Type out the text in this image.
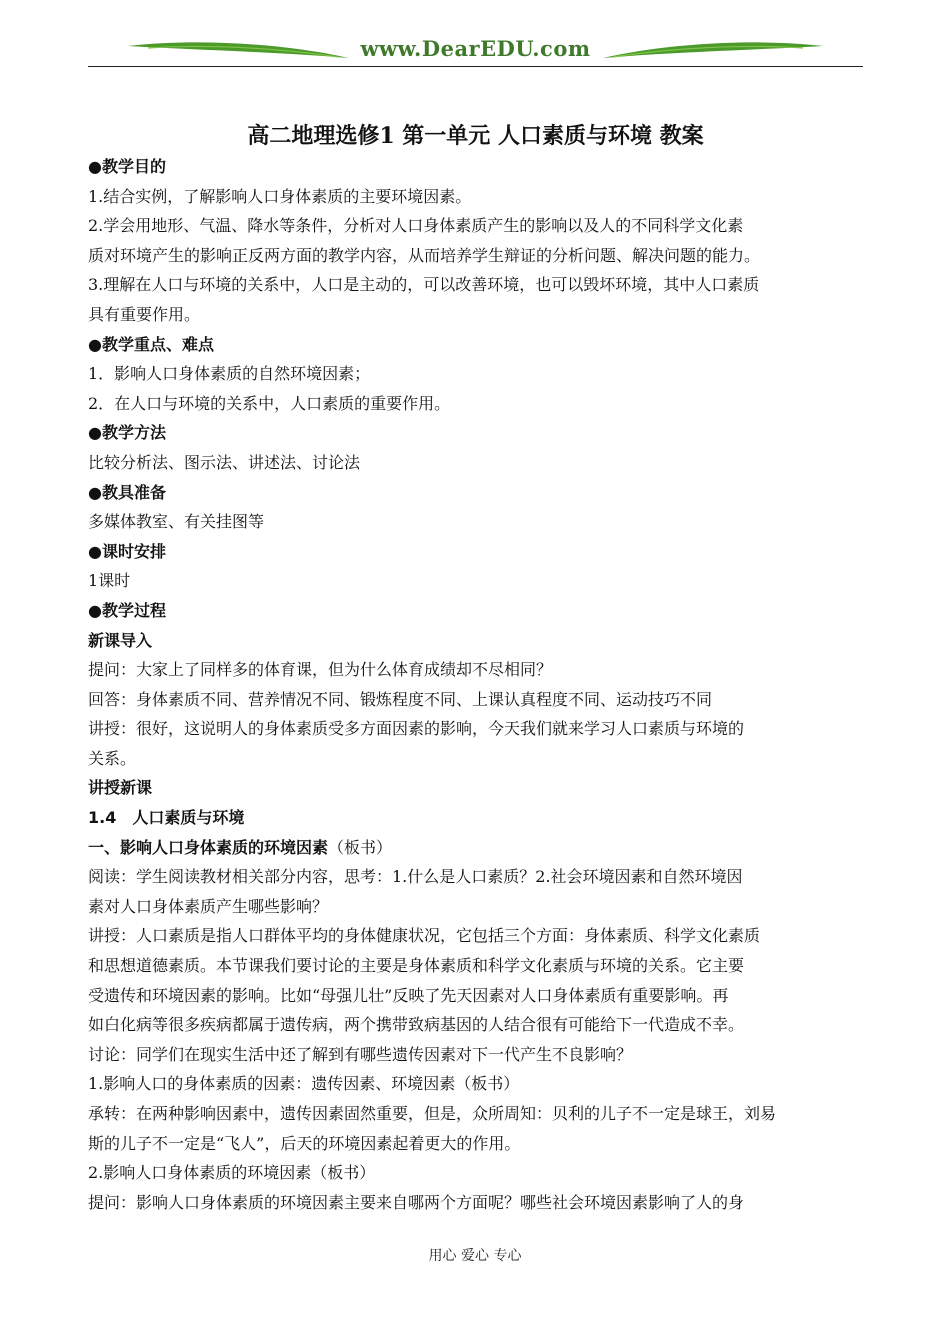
www.DearEDU.com
高二地理选修1 第一单元 人口素质与环境 教案

●教学目的

1.结合实例，了解影响人口身体素质的主要环境因素。

2.学会用地形、气温、降水等条件，分析对人口身体素质产生的影响以及人的不同科学文化素

质对环境产生的影响正反两方面的教学内容，从而培养学生辩证的分析问题、解决问题的能力。

3.理解在人口与环境的关系中，人口是主动的，可以改善环境，也可以毁坏环境，其中人口素质

具有重要作用。

●教学重点、难点

1．影响人口身体素质的自然环境因素；

2．在人口与环境的关系中，人口素质的重要作用。

●教学方法

比较分析法、图示法、讲述法、讨论法

●教具准备

多媒体教室、有关挂图等

●课时安排

1课时

●教学过程

新课导入

提问：大家上了同样多的体育课，但为什么体育成绩却不尽相同？

回答：身体素质不同、营养情况不同、锻炼程度不同、上课认真程度不同、运动技巧不同

讲授：很好，这说明人的身体素质受多方面因素的影响，今天我们就来学习人口素质与环境的

关系。

讲授新课

1.4　人口素质与环境

一、影响人口身体素质的环境因素（板书）

阅读：学生阅读教材相关部分内容，思考：1.什么是人口素质？2.社会环境因素和自然环境因

素对人口身体素质产生哪些影响？

讲授：人口素质是指人口群体平均的身体健康状况，它包括三个方面：身体素质、科学文化素质

和思想道德素质。本节课我们要讨论的主要是身体素质和科学文化素质与环境的关系。它主要

受遗传和环境因素的影响。比如“母强儿壮”反映了先天因素对人口身体素质有重要影响。再

如白化病等很多疾病都属于遗传病，两个携带致病基因的人结合很有可能给下一代造成不幸。

讨论：同学们在现实生活中还了解到有哪些遗传因素对下一代产生不良影响？

1.影响人口的身体素质的因素：遗传因素、环境因素（板书）

承转：在两种影响因素中，遗传因素固然重要，但是，众所周知：贝利的儿子不一定是球王，刘易

斯的儿子不一定是“飞人”，后天的环境因素起着更大的作用。

2.影响人口身体素质的环境因素（板书）

提问：影响人口身体素质的环境因素主要来自哪两个方面呢？哪些社会环境因素影响了人的身

用心 爱心 专心
